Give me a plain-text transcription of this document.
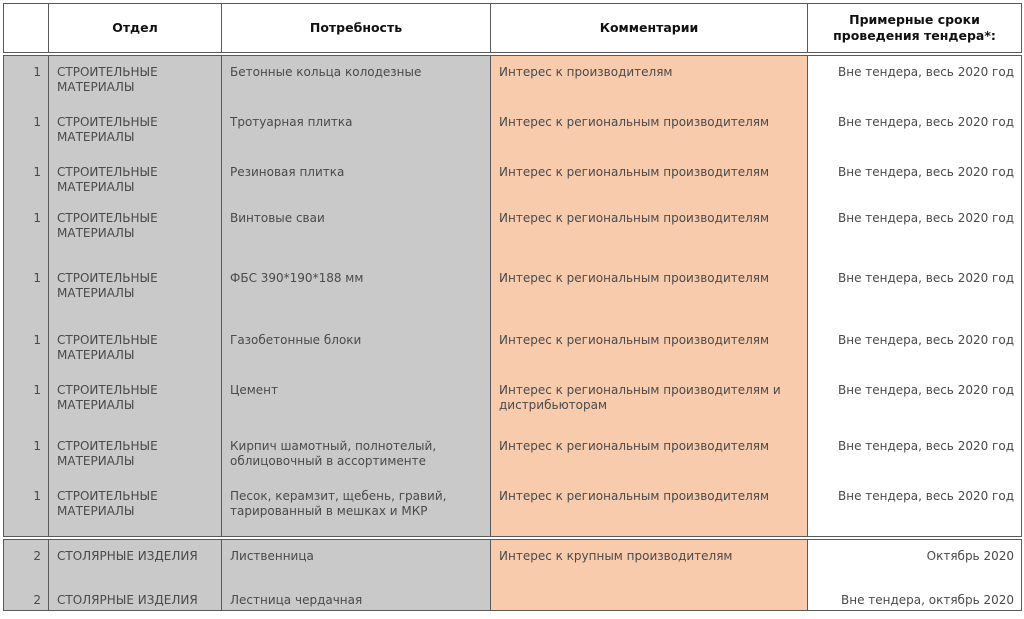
	Отдел	Потребность	Комментарии	Примерные сроки проведения тендера*:
1	СТРОИТЕЛЬНЫЕ МАТЕРИАЛЫ	Бетонные кольца колодезные	Интерес к производителям	Вне тендера, весь 2020 год
1	СТРОИТЕЛЬНЫЕ МАТЕРИАЛЫ	Тротуарная плитка	Интерес к региональным производителям	Вне тендера, весь 2020 год
1	СТРОИТЕЛЬНЫЕ МАТЕРИАЛЫ	Резиновая плитка	Интерес к региональным производителям	Вне тендера, весь 2020 год
1	СТРОИТЕЛЬНЫЕ МАТЕРИАЛЫ	Винтовые сваи	Интерес к региональным производителям	Вне тендера, весь 2020 год
1	СТРОИТЕЛЬНЫЕ МАТЕРИАЛЫ	ФБС 390*190*188 мм	Интерес к региональным производителям	Вне тендера, весь 2020 год
1	СТРОИТЕЛЬНЫЕ МАТЕРИАЛЫ	Газобетонные блоки	Интерес к региональным производителям	Вне тендера, весь 2020 год
1	СТРОИТЕЛЬНЫЕ МАТЕРИАЛЫ	Цемент	Интерес к региональным производителям и дистрибьюторам	Вне тендера, весь 2020 год
1	СТРОИТЕЛЬНЫЕ МАТЕРИАЛЫ	Кирпич шамотный, полнотелый, облицовочный в ассортименте	Интерес к региональным производителям	Вне тендера, весь 2020 год
1	СТРОИТЕЛЬНЫЕ МАТЕРИАЛЫ	Песок, керамзит, щебень, гравий, тарированный в мешках и МКР	Интерес к региональным производителям	Вне тендера, весь 2020 год
2	СТОЛЯРНЫЕ ИЗДЕЛИЯ	Лиственница	Интерес к крупным производителям	Октябрь 2020
2	СТОЛЯРНЫЕ ИЗДЕЛИЯ	Лестница чердачная		Вне тендера, октябрь 2020
